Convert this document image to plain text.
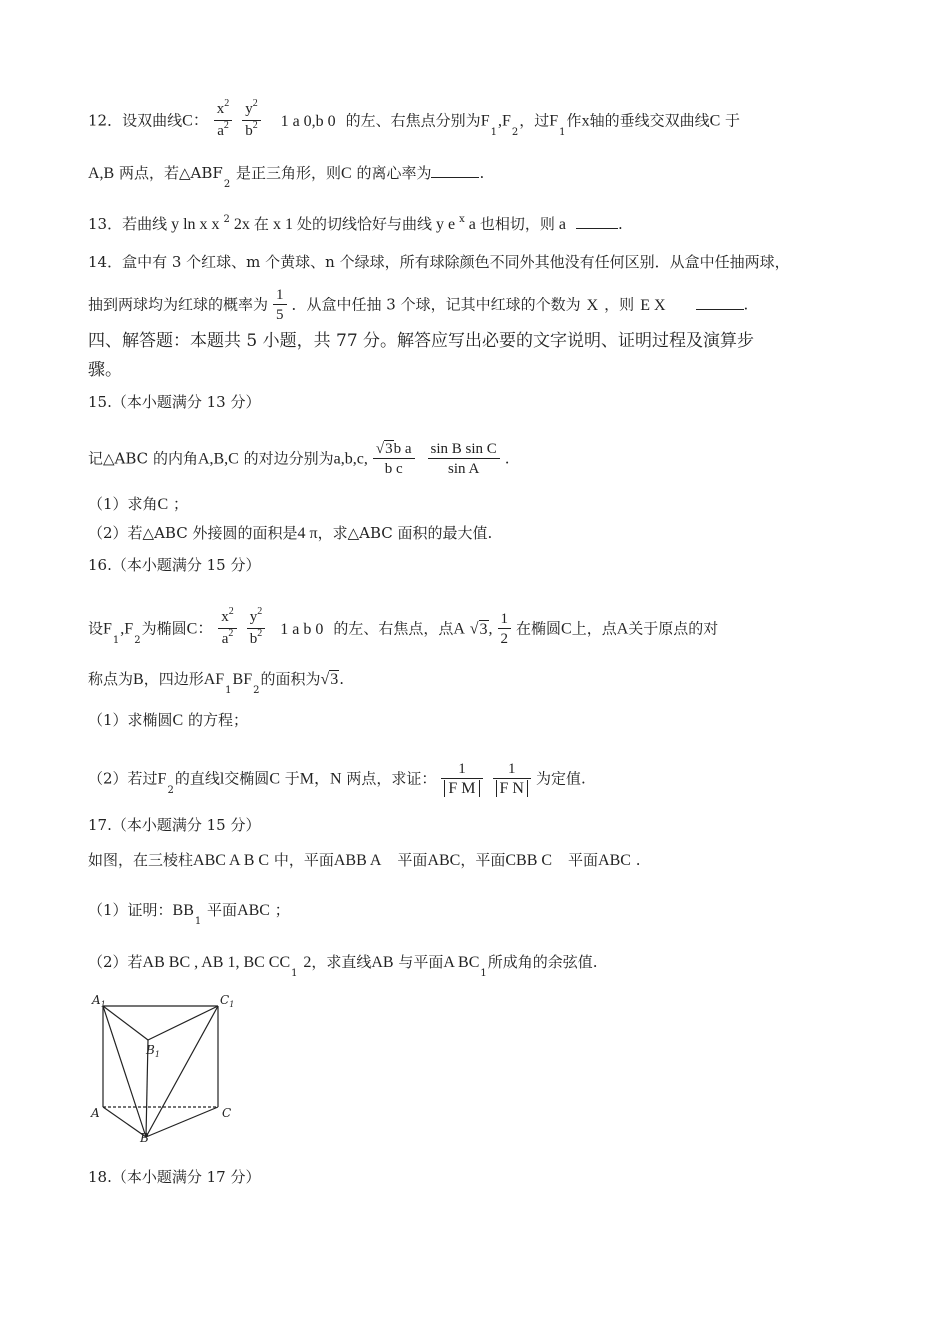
12．设双曲线C： $\frac{x^2}{a^2} \frac{y^2}{b^2} 1$ a 0,b 0 的左、右焦点分别为$F_1,F_2$，过$F_1$作x轴的垂线交双曲线C 于
A,B 两点，若$\triangle ABF_2$ 是正三角形，则C 的离心率为	.
13．若曲线 y ln x x $^2$ 2x 在 x 1 处的切线恰好与曲线 y e $^x$ a 也相切，则 a	.
14．盒中有 3 个红球、m 个黄球、n 个绿球，所有球除颜色不同外其他没有任何区别．从盒中任抽两球，
抽到两球均为红球的概率为 $\frac{1}{5}$ ．从盒中任抽 3 个球，记其中红球的个数为 X ，则 E X	.
四、解答题：本题共 5 小题，共 77 分。解答应写出必要的文字说明、证明过程及演算步
骤。
15.（本小题满分 13 分）
记△ABC 的内角A,B,C 的对边分别为a,b,c, $\frac{\text{√3b a}}{\text{b c}} \frac{\text{sin B sin C}}{\text{sin A}}$ .
（1）求角C ；
（2）若△ABC 外接圆的面积是4 π，求△ABC 面积的最大值.
16.（本小题满分 15 分）
设$F_1,F_2$为椭圆C： $\frac{x^2}{a^2} \frac{y^2}{b^2} 1$ a b 0 的左、右焦点，点A √3, $\frac{1}{2}$ 在椭圆C上，点A关于原点的对
称点为B，四边形$AF_1BF_2$的面积为√3.
（1）求椭圆C 的方程；
（2）若过$F_2$的直线l交椭圆C 于M，N 两点，求证： $\frac{1}{\text{F M}} \frac{1}{\text{F N}}$ 为定值.
17.（本小题满分 15 分）
如图，在三棱柱ABC A B C 中，平面ABB A 平面ABC，平面CBB C 平面ABC .
（1）证明：$BB_1$ 平面ABC ；
（2）若AB BC , AB 1, BC $CC_1$ 2，求直线AB 与平面A $BC_1$所成角的余弦值.
$A_1$	$C_1$
$B_1$
A	C
B
18.（本小题满分 17 分）
